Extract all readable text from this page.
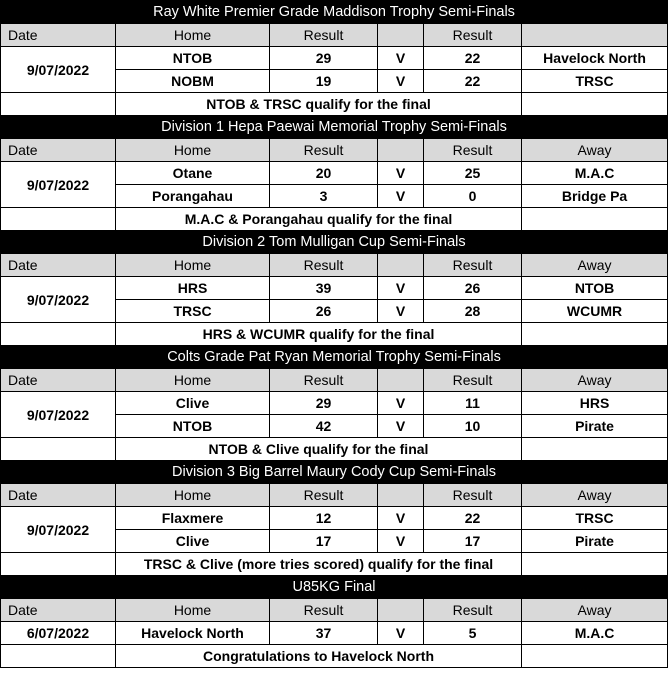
Ray White Premier Grade Maddison Trophy Semi-Finals					
Date	Home	Result		Result	
9/07/2022	NTOB	29	V	22	Havelock North
	NOBM	19	V	22	TRSC
	NTOB & TRSC qualify for the final				
Division 1 Hepa Paewai Memorial Trophy Semi-Finals					
Date	Home	Result		Result	Away
9/07/2022	Otane	20	V	25	M.A.C
	Porangahau	3	V	0	Bridge Pa
	M.A.C & Porangahau qualify for the final				
Division 2 Tom Mulligan Cup Semi-Finals					
Date	Home	Result		Result	Away
9/07/2022	HRS	39	V	26	NTOB
	TRSC	26	V	28	WCUMR
	HRS & WCUMR qualify for the final				
Colts Grade Pat Ryan Memorial Trophy Semi-Finals					
Date	Home	Result		Result	Away
9/07/2022	Clive	29	V	11	HRS
	NTOB	42	V	10	Pirate
	NTOB & Clive qualify for the final				
Division 3 Big Barrel Maury Cody Cup Semi-Finals					
Date	Home	Result		Result	Away
9/07/2022	Flaxmere	12	V	22	TRSC
	Clive	17	V	17	Pirate
	TRSC & Clive (more tries scored) qualify for the final				
U85KG Final					
Date	Home	Result		Result	Away
6/07/2022	Havelock North	37	V	5	M.A.C
	Congratulations to Havelock North				
